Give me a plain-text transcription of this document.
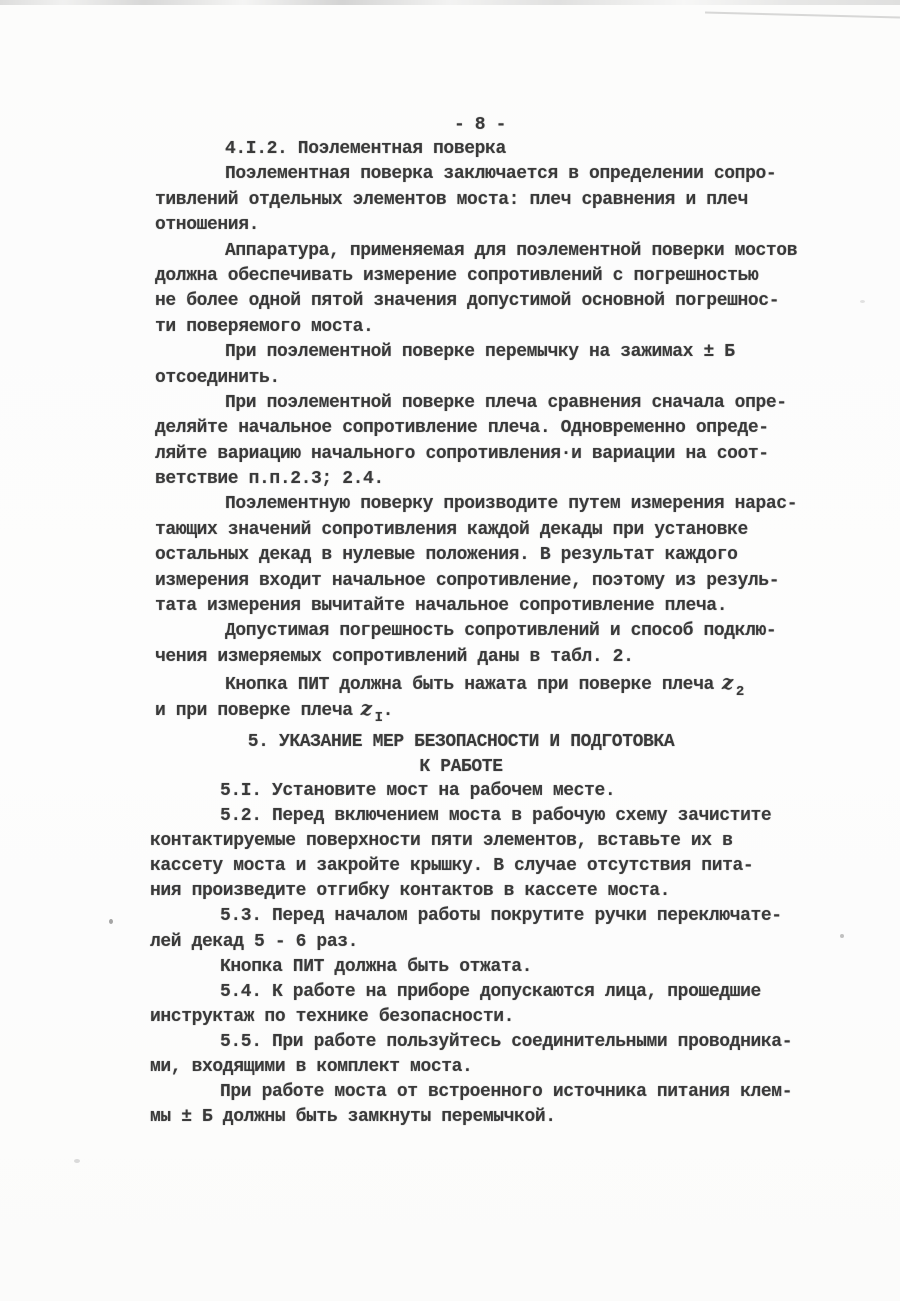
- 8 -
4.I.2. Поэлементная поверка
Поэлементная поверка заключается в определении сопро-
тивлений отдельных элементов моста: плеч сравнения и плеч
отношения.
Аппаратура, применяемая для поэлементной поверки мостов
должна обеспечивать измерение сопротивлений с погрешностью
не более одной пятой значения допустимой основной погрешнос-
ти поверяемого моста.
При поэлементной поверке перемычку на зажимах ± Б
отсоединить.
При поэлементной поверке плеча сравнения сначала опре-
деляйте начальное сопротивление плеча. Одновременно опреде-
ляйте вариацию начального сопротивления·и вариации на соот-
ветствие п.п.2.3; 2.4.
Поэлементную поверку производите путем измерения нарас-
тающих значений сопротивления каждой декады при установке
остальных декад в нулевые положения. В результат каждого
измерения входит начальное сопротивление, поэтому из резуль-
тата измерения вычитайте начальное сопротивление плеча.
Допустимая погрешность сопротивлений и способ подклю-
чения измеряемых сопротивлений даны в табл. 2.
Кнопка ПИТ должна быть нажата при поверке плеча z $_2$
и при поверке плеча z $_I$.
5. УКАЗАНИЕ МЕР БЕЗОПАСНОСТИ И ПОДГОТОВКА
К РАБОТЕ
5.I. Установите мост на рабочем месте.
5.2. Перед включением моста в рабочую схему зачистите
контактируемые поверхности пяти элементов, вставьте их в
кассету моста и закройте крышку. В случае отсутствия пита-
ния произведите отгибку контактов в кассете моста.
5.3. Перед началом работы покрутите ручки переключате-
лей декад 5 - 6 раз.
Кнопка ПИТ должна быть отжата.
5.4. К работе на приборе допускаются лица, прошедшие
инструктаж по технике безопасности.
5.5. При работе пользуйтесь соединительными проводника-
ми, входящими в комплект моста.
При работе моста от встроенного источника питания клем-
мы ± Б должны быть замкнуты перемычкой.
